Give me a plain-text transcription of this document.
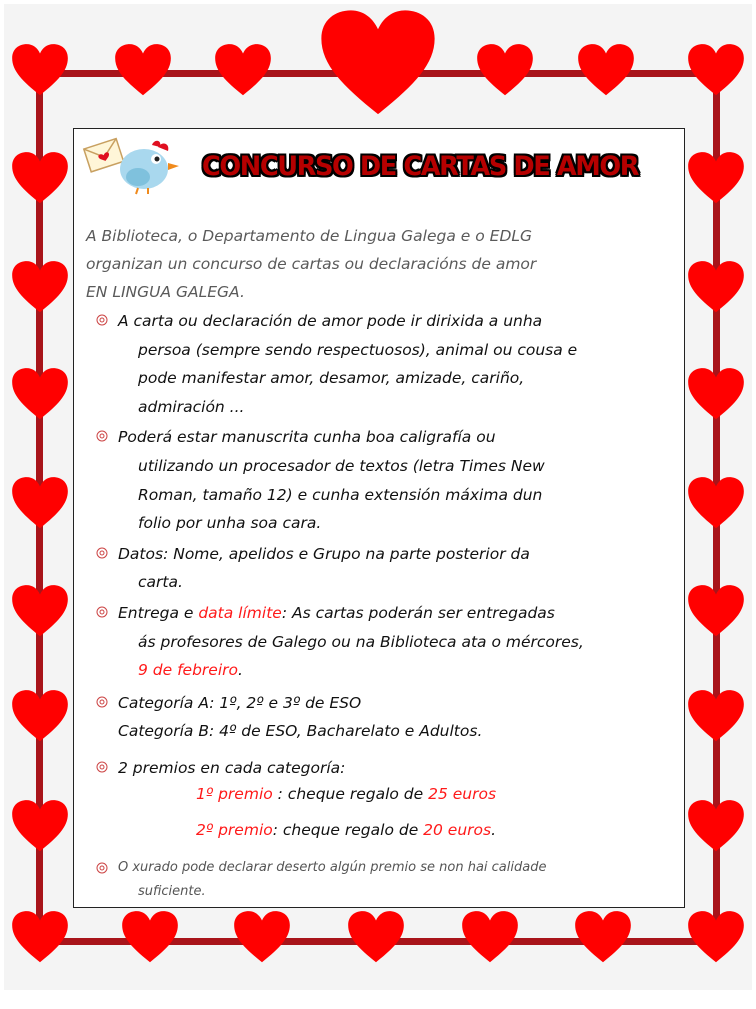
CONCURSO DE CARTAS DE AMOR
A Biblioteca, o Departamento de Lingua Galega e o EDLG
organizan un concurso de cartas ou declaracións de amor
EN LINGUA GALEGA.
A carta ou declaración de amor pode ir dirixida a unha
persoa (sempre sendo respectuosos), animal ou cousa e
pode manifestar amor, desamor, amizade, cariño,
admiración ...
Poderá estar manuscrita cunha boa caligrafía ou
utilizando un procesador de textos (letra Times New
Roman, tamaño 12) e cunha extensión máxima dun
folio por unha soa cara.
Datos: Nome, apelidos e Grupo na parte posterior da
carta.
Entrega e data límite: As cartas poderán ser entregadas
ás profesores de Galego ou na Biblioteca ata o mércores,
9 de febreiro.
Categoría A: 1º, 2º e 3º de ESO
Categoría B: 4º de ESO, Bacharelato e Adultos.
2 premios en cada categoría:
1º premio : cheque regalo de 25 euros
2º premio: cheque regalo de 20 euros.
O xurado pode declarar deserto algún premio se non hai calidade
suficiente.
